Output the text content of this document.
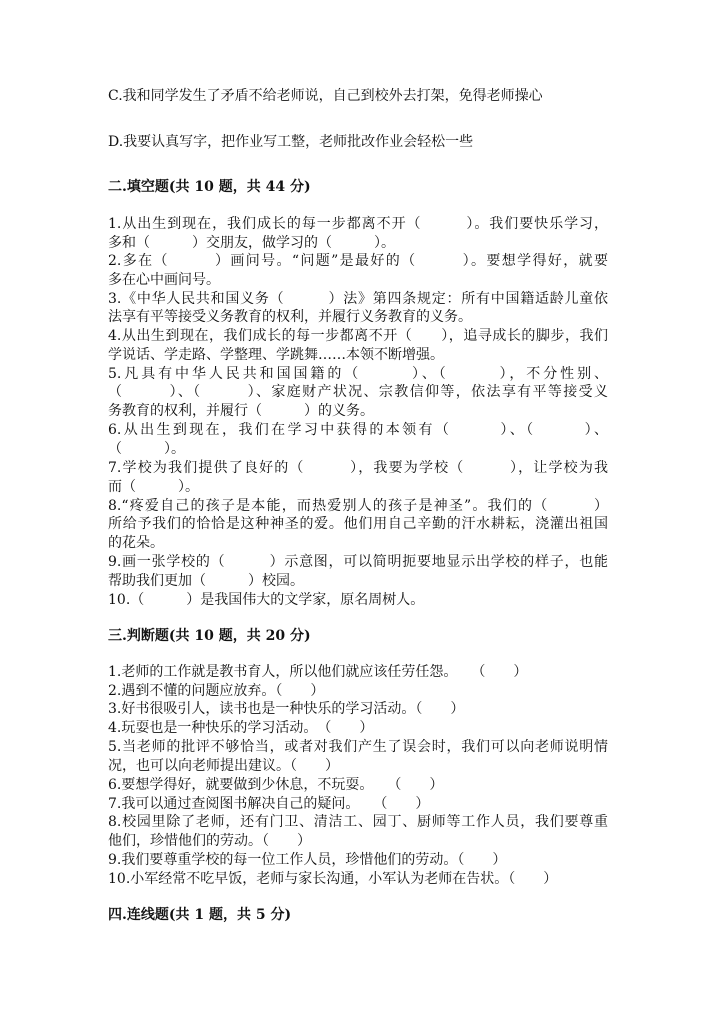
C.我和同学发生了矛盾不给老师说，自己到校外去打架，免得老师操心
D.我要认真写字，把作业写工整，老师批改作业会轻松一些
二.填空题(共 10 题，共 44 分)
1.从出生到现在，我们成长的每一步都离不开（　　　）。我们要快乐学习，
多和（　　　）交朋友，做学习的（　　　）。
2.多在（　　　）画问号。“问题”是最好的（　　　）。要想学得好，就要
多在心中画问号。
3.《中华人民共和国义务（　　　）法》第四条规定：所有中国籍适龄儿童依
法享有平等接受义务教育的权利，并履行义务教育的义务。
4.从出生到现在，我们成长的每一步都离不开（　　），追寻成长的脚步，我们
学说话、学走路、学整理、学跳舞……本领不断增强。
5.凡具有中华人民共和国国籍的（　　　）、（　　　），不分性别、
（　　　）、（　　　）、家庭财产状况、宗教信仰等，依法享有平等接受义
务教育的权利，并履行（　　　）的义务。
6.从出生到现在，我们在学习中获得的本领有（　　　）、（　　　）、
（　　　）。
7.学校为我们提供了良好的（　　　），我要为学校（　　　），让学校为我
而（　　　）。
8.“疼爱自己的孩子是本能，而热爱别人的孩子是神圣”。我们的（　　　）
所给予我们的恰恰是这种神圣的爱。他们用自己辛勤的汗水耕耘，浇灌出祖国
的花朵。
9.画一张学校的（　　　）示意图，可以简明扼要地显示出学校的样子，也能
帮助我们更加（　　　）校园。
10.（　　　）是我国伟大的文学家，原名周树人。
三.判断题(共 10 题，共 20 分)
1.老师的工作就是教书育人，所以他们就应该任劳任怨。　　（　　）
2.遇到不懂的问题应放弃。（　　）
3.好书很吸引人，读书也是一种快乐的学习活动。（　　）
4.玩耍也是一种快乐的学习活动。　（　　）
5.当老师的批评不够恰当，或者对我们产生了误会时，我们可以向老师说明情
况，也可以向老师提出建议。（　　）
6.要想学得好，就要做到少休息，不玩耍。　　（　　）
7.我可以通过查阅图书解决自己的疑问。　　（　　）
8.校园里除了老师，还有门卫、清洁工、园丁、厨师等工作人员，我们要尊重
他们，珍惜他们的劳动。（　　）
9.我们要尊重学校的每一位工作人员，珍惜他们的劳动。（　　）
10.小军经常不吃早饭，老师与家长沟通，小军认为老师在告状。（　　）
四.连线题(共 1 题，共 5 分)
